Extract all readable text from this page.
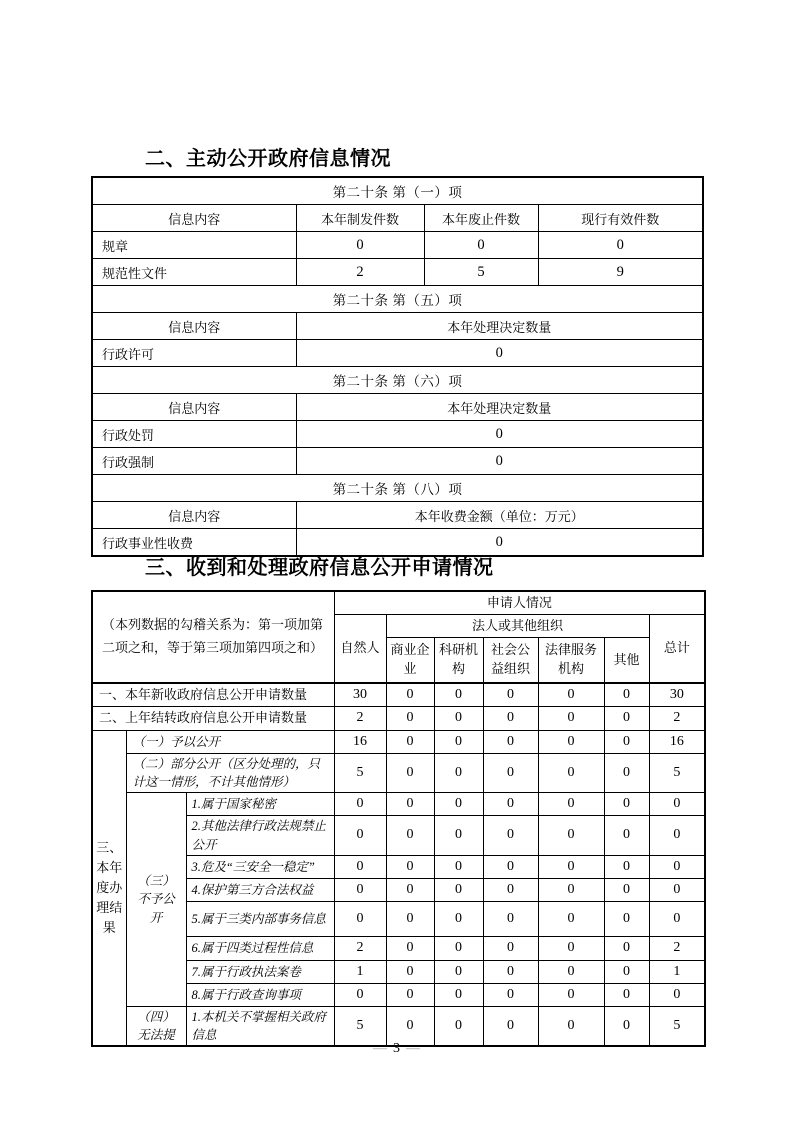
二、主动公开政府信息情况
第二十条 第（一）项			
信息内容	本年制发件数	本年废止件数	现行有效件数
规章	0	0	0
规范性文件	2	5	9
第二十条 第（五）项			
信息内容	本年处理决定数量		
行政许可	0		
第二十条 第（六）项			
信息内容	本年处理决定数量		
行政处罚	0		
行政强制	0		
第二十条 第（八）项			
信息内容	本年收费金额（单位：万元）		
行政事业性收费	0		
三、收到和处理政府信息公开申请情况
（本列数据的勾稽关系为：第一项加第二项之和，等于第三项加第四项之和）			申请人情况						
			自然人	法人或其他组织					总计
				商业企业	科研机构	社会公益组织	法律服务机构	其他	
一、本年新收政府信息公开申请数量			30	0	0	0	0	0	30
二、上年结转政府信息公开申请数量			2	0	0	0	0	0	2
三、本年度办理结果	（一）予以公开		16	0	0	0	0	0	16
	（二）部分公开（区分处理的，只计这一情形，不计其他情形）		5	0	0	0	0	0	5
	（三）不予公开	1.属于国家秘密	0	0	0	0	0	0	0
		2.其他法律行政法规禁止公开	0	0	0	0	0	0	0
		3.危及“三安全一稳定”	0	0	0	0	0	0	0
		4.保护第三方合法权益	0	0	0	0	0	0	0
		5.属于三类内部事务信息	0	0	0	0	0	0	0
		6.属于四类过程性信息	2	0	0	0	0	0	2
		7.属于行政执法案卷	1	0	0	0	0	0	1
		8.属于行政查询事项	0	0	0	0	0	0	0
	（四）无法提	1.本机关不掌握相关政府信息	5	0	0	0	0	0	5
— 3 —
